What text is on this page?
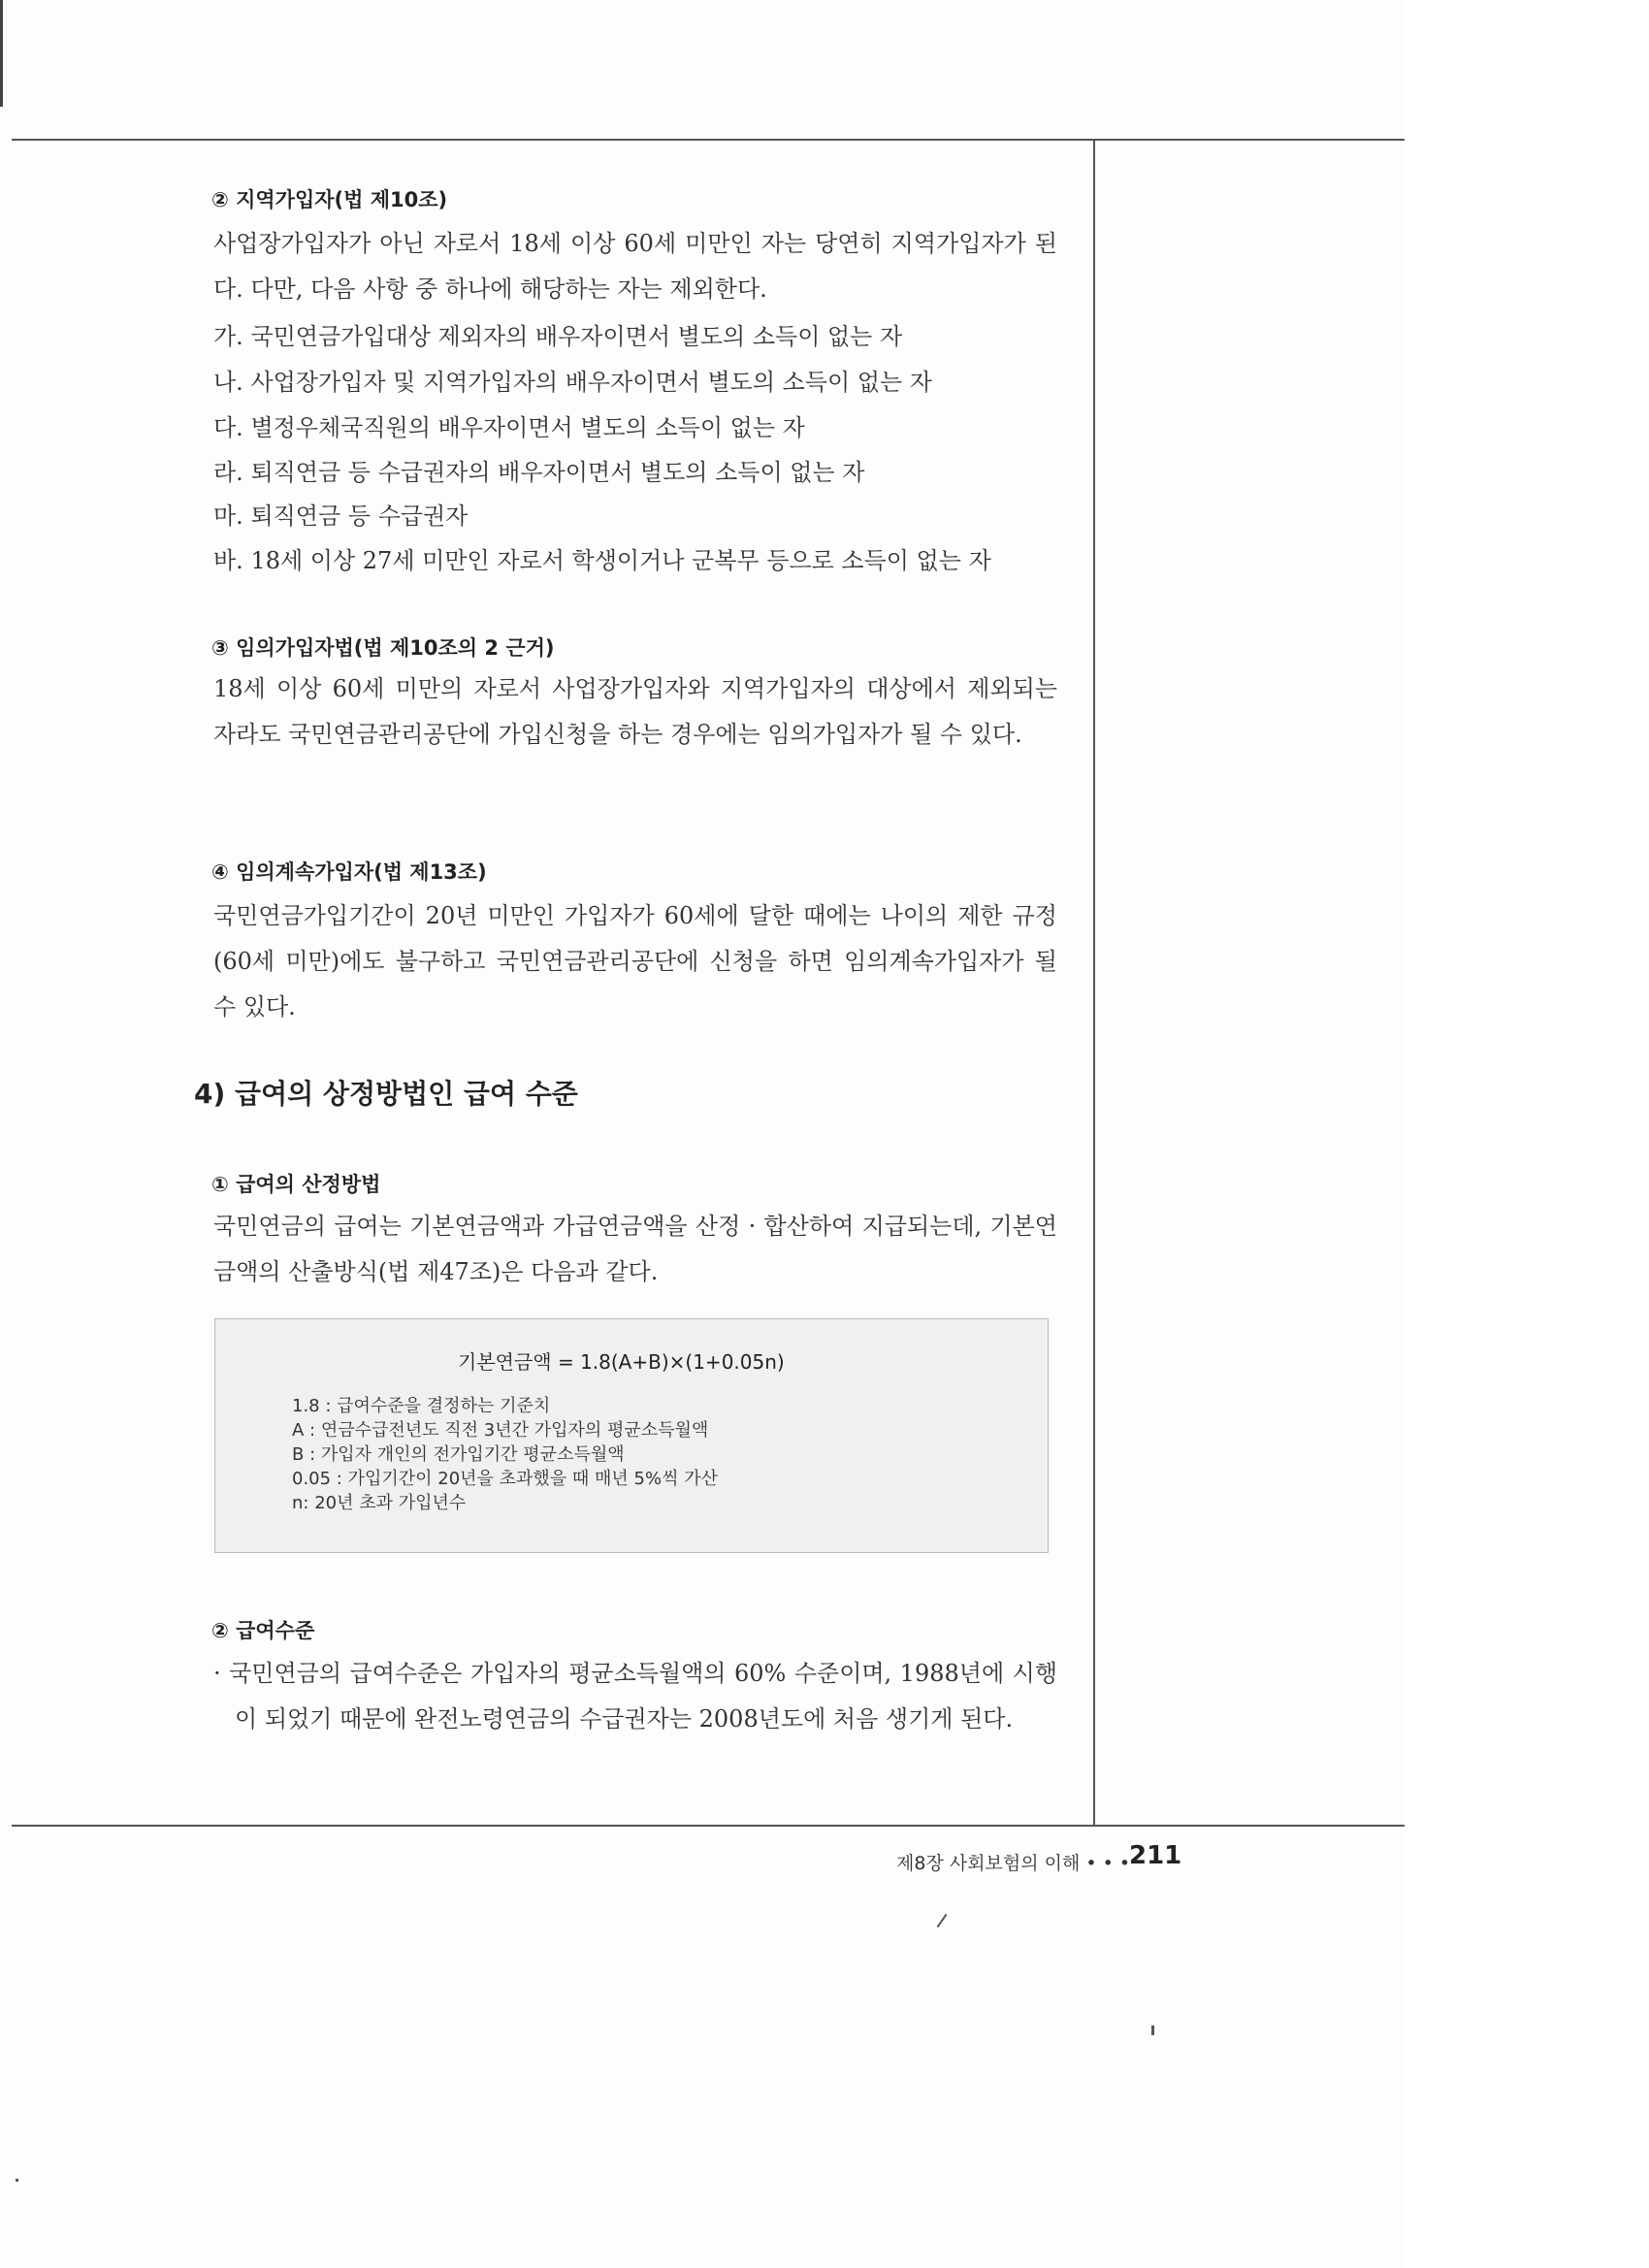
② 지역가입자(법 제10조)
사업장가입자가 아닌 자로서 18세 이상 60세 미만인 자는 당연히 지역가입자가 된다. 다만, 다음 사항 중 하나에 해당하는 자는 제외한다.
가. 국민연금가입대상 제외자의 배우자이면서 별도의 소득이 없는 자
나. 사업장가입자 및 지역가입자의 배우자이면서 별도의 소득이 없는 자
다. 별정우체국직원의 배우자이면서 별도의 소득이 없는 자
라. 퇴직연금 등 수급권자의 배우자이면서 별도의 소득이 없는 자
마. 퇴직연금 등 수급권자
바. 18세 이상 27세 미만인 자로서 학생이거나 군복무 등으로 소득이 없는 자
③ 임의가입자법(법 제10조의 2 근거)
18세 이상 60세 미만의 자로서 사업장가입자와 지역가입자의 대상에서 제외되는 자라도 국민연금관리공단에 가입신청을 하는 경우에는 임의가입자가 될 수 있다.
④ 임의계속가입자(법 제13조)
국민연금가입기간이 20년 미만인 가입자가 60세에 달한 때에는 나이의 제한 규정(60세 미만)에도 불구하고 국민연금관리공단에 신청을 하면 임의계속가입자가 될 수 있다.
4) 급여의 상정방법인 급여 수준
① 급여의 산정방법
국민연금의 급여는 기본연금액과 가급연금액을 산정 · 합산하여 지급되는데, 기본연금액의 산출방식(법 제47조)은 다음과 같다.
기본연금액 = 1.8(A+B)×(1+0.05n)
1.8 : 급여수준을 결정하는 기준치
A : 연금수급전년도 직전 3년간 가입자의 평균소득월액
B : 가입자 개인의 전가입기간 평균소득월액
0.05 : 가입기간이 20년을 초과했을 때 매년 5%씩 가산
n: 20년 초과 가입년수
② 급여수준
· 국민연금의 급여수준은 가입자의 평균소득월액의 60% 수준이며, 1988년에 시행이 되었기 때문에 완전노령연금의 수급권자는 2008년도에 처음 생기게 된다.
제8장 사회보험의 이해 • • •
211
